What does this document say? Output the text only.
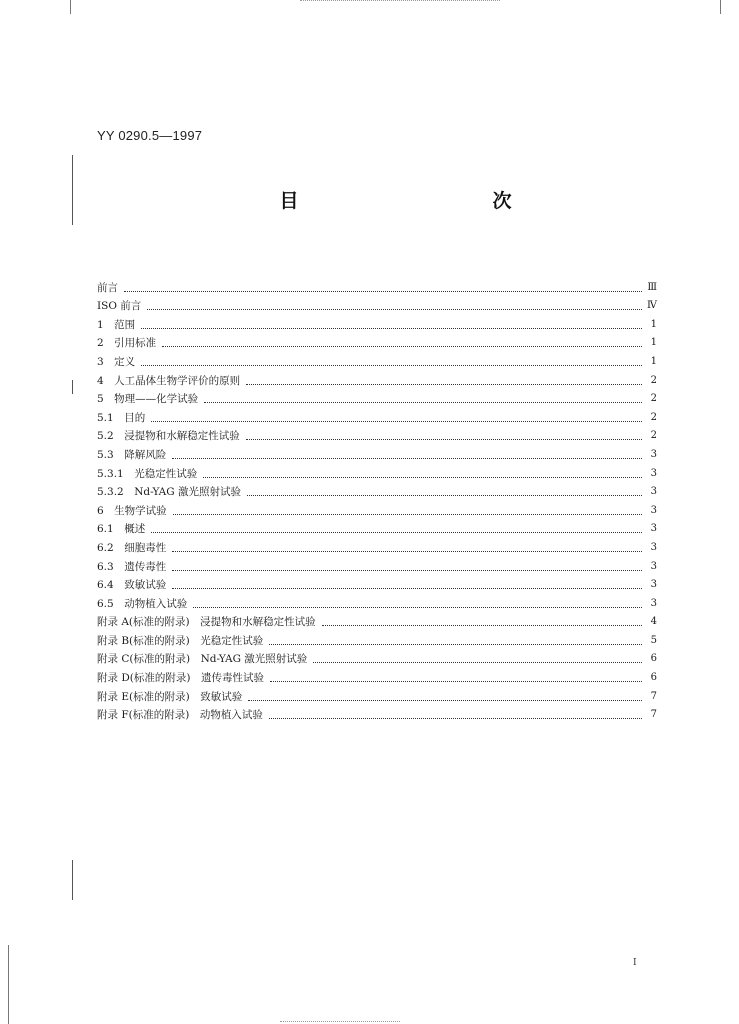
YY 0290.5—1997
目　　次
前言	Ⅲ
ISO 前言	Ⅳ
1　范围	1
2　引用标准	1
3　定义	1
4　人工晶体生物学评价的原则	2
5　物理——化学试验	2
5.1　目的	2
5.2　浸提物和水解稳定性试验	2
5.3　降解风险	3
5.3.1　光稳定性试验	3
5.3.2　Nd-YAG 激光照射试验	3
6　生物学试验	3
6.1　概述	3
6.2　细胞毒性	3
6.3　遗传毒性	3
6.4　致敏试验	3
6.5　动物植入试验	3
附录 A(标准的附录)　浸提物和水解稳定性试验	4
附录 B(标准的附录)　光稳定性试验	5
附录 C(标准的附录)　Nd-YAG 激光照射试验	6
附录 D(标准的附录)　遗传毒性试验	6
附录 E(标准的附录)　致敏试验	7
附录 F(标准的附录)　动物植入试验	7
I
